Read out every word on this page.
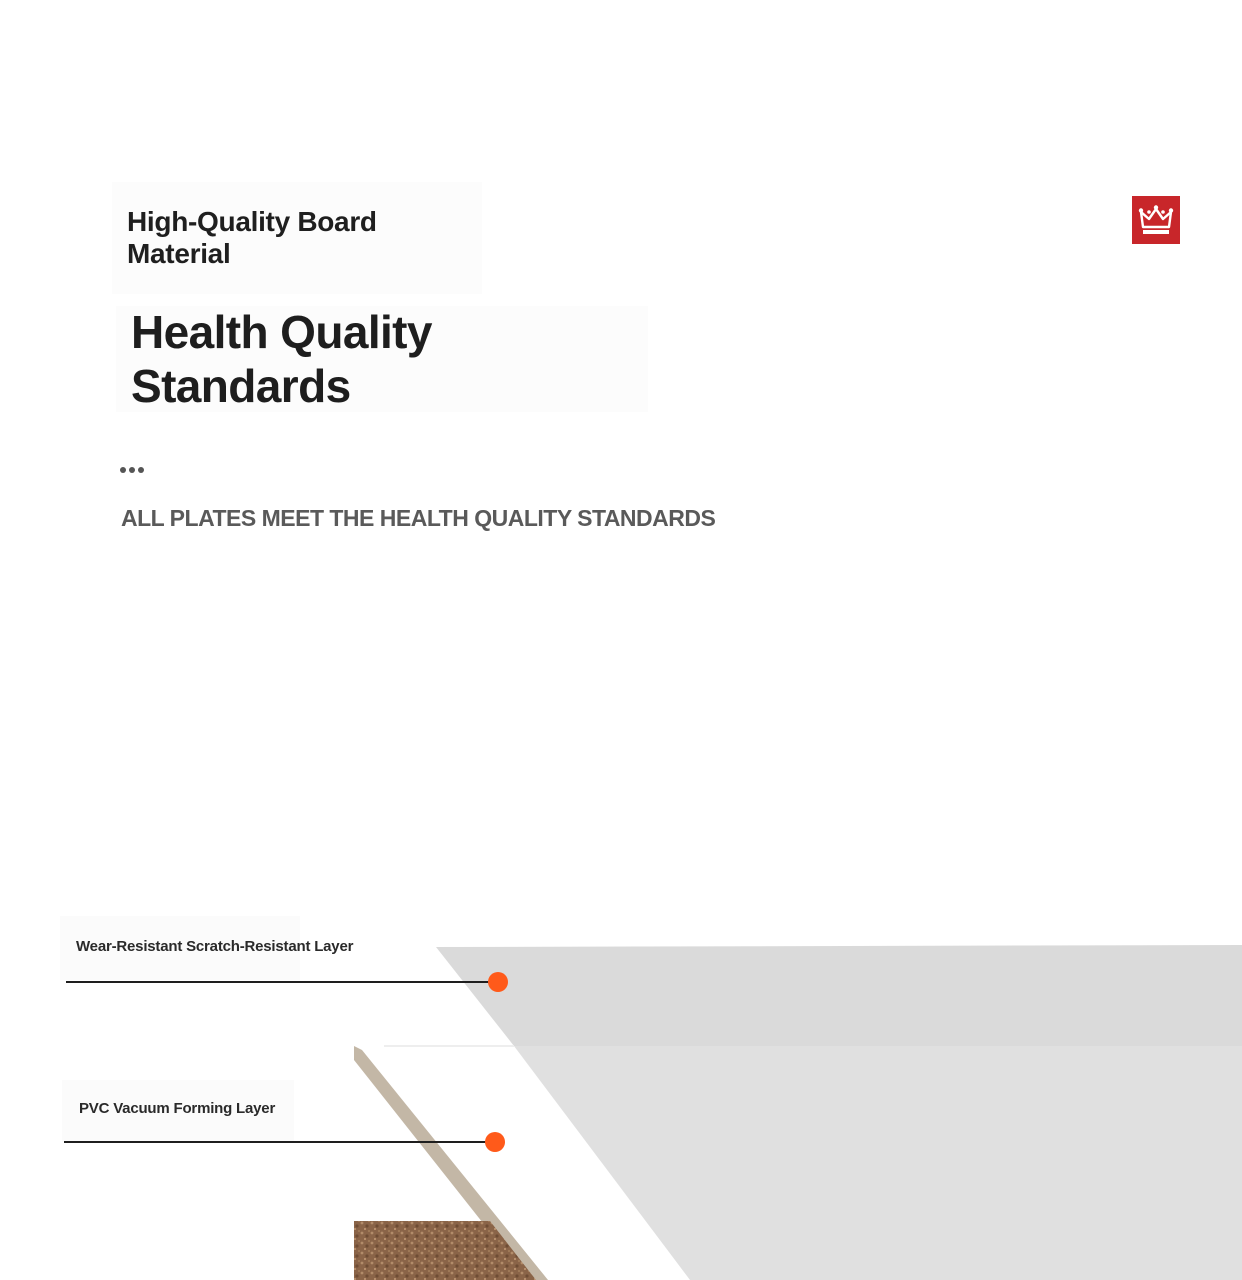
High-Quality Board Material
Health Quality Standards
ALL PLATES MEET THE HEALTH QUALITY STANDARDS
Wear-Resistant Scratch-Resistant Layer
PVC Vacuum Forming Layer
